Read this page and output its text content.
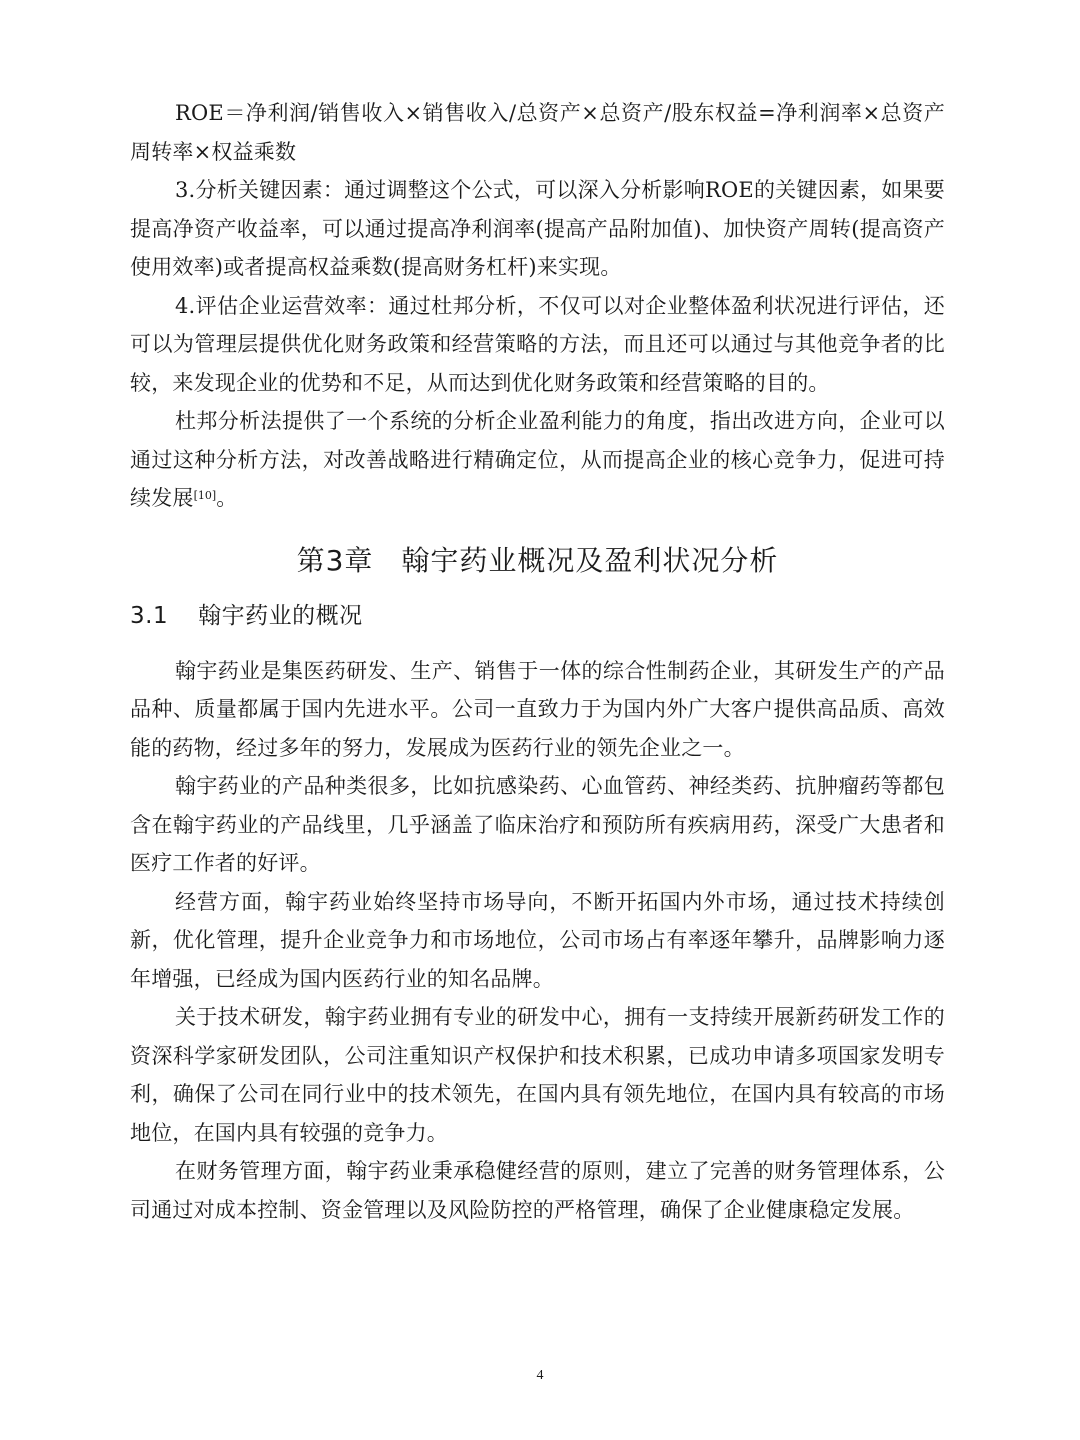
ROE＝净利润/销售收入×销售收入/总资产×总资产/股东权益=净利润率×总资产周转率×权益乘数

3.分析关键因素：通过调整这个公式，可以深入分析影响ROE的关键因素，如果要提高净资产收益率，可以通过提高净利润率(提高产品附加值)、加快资产周转(提高资产使用效率)或者提高权益乘数(提高财务杠杆)来实现。

4.评估企业运营效率：通过杜邦分析，不仅可以对企业整体盈利状况进行评估，还可以为管理层提供优化财务政策和经营策略的方法，而且还可以通过与其他竞争者的比较，来发现企业的优势和不足，从而达到优化财务政策和经营策略的目的。

杜邦分析法提供了一个系统的分析企业盈利能力的角度，指出改进方向，企业可以通过这种分析方法，对改善战略进行精确定位，从而提高企业的核心竞争力，促进可持续发展[10]。

第3章 翰宇药业概况及盈利状况分析
3.1 翰宇药业的概况

翰宇药业是集医药研发、生产、销售于一体的综合性制药企业，其研发生产的产品品种、质量都属于国内先进水平。公司一直致力于为国内外广大客户提供高品质、高效能的药物，经过多年的努力，发展成为医药行业的领先企业之一。

翰宇药业的产品种类很多，比如抗感染药、心血管药、神经类药、抗肿瘤药等都包含在翰宇药业的产品线里，几乎涵盖了临床治疗和预防所有疾病用药，深受广大患者和医疗工作者的好评。

经营方面，翰宇药业始终坚持市场导向，不断开拓国内外市场，通过技术持续创新，优化管理，提升企业竞争力和市场地位，公司市场占有率逐年攀升，品牌影响力逐年增强，已经成为国内医药行业的知名品牌。

关于技术研发，翰宇药业拥有专业的研发中心，拥有一支持续开展新药研发工作的资深科学家研发团队，公司注重知识产权保护和技术积累，已成功申请多项国家发明专利，确保了公司在同行业中的技术领先，在国内具有领先地位，在国内具有较高的市场地位，在国内具有较强的竞争力。

在财务管理方面，翰宇药业秉承稳健经营的原则，建立了完善的财务管理体系，公司通过对成本控制、资金管理以及风险防控的严格管理，确保了企业健康稳定发展。

4
